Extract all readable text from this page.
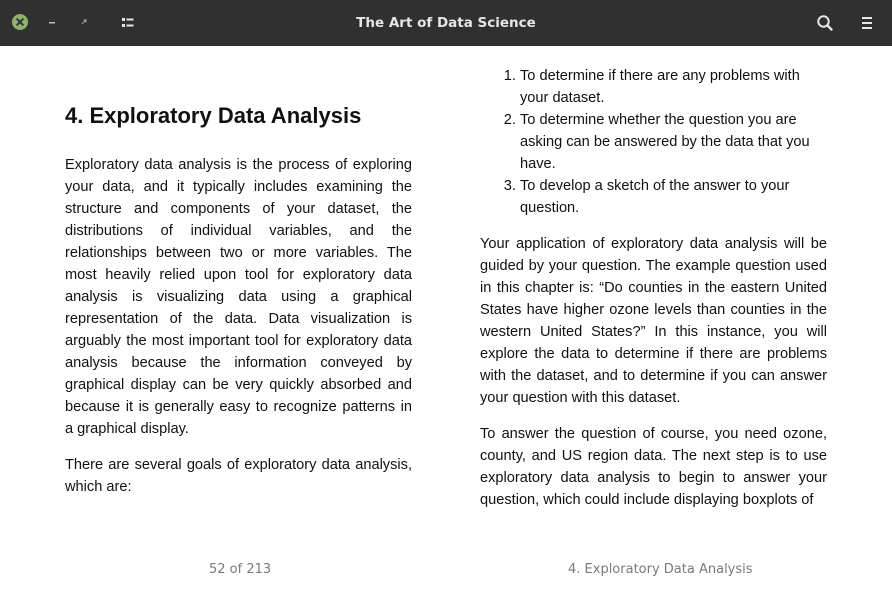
The Art of Data Science
4. Exploratory Data Analysis

Exploratory data analysis is the process of exploring your data, and it typically includes examining the structure and components of your dataset, the distributions of individual variables, and the relationships between two or more variables. The most heavily relied upon tool for exploratory data analysis is visualizing data using a graphical representation of the data. Data visualization is arguably the most important tool for exploratory data analysis because the information conveyed by graphical display can be very quickly absorbed and because it is generally easy to recognize patterns in a graphical display.

There are several goals of exploratory data analysis, which are:

1. To determine if there are any problems with your dataset.
2. To determine whether the question you are asking can be answered by the data that you have.
3. To develop a sketch of the answer to your question.

Your application of exploratory data analysis will be guided by your question. The example question used in this chapter is: “Do counties in the eastern United States have higher ozone levels than counties in the western United States?” In this instance, you will explore the data to determine if there are problems with the dataset, and to determine if you can answer your question with this dataset.

To answer the question of course, you need ozone, county, and US region data. The next step is to use exploratory data analysis to begin to answer your question, which could include displaying boxplots of

52 of 213	4. Exploratory Data Analysis
